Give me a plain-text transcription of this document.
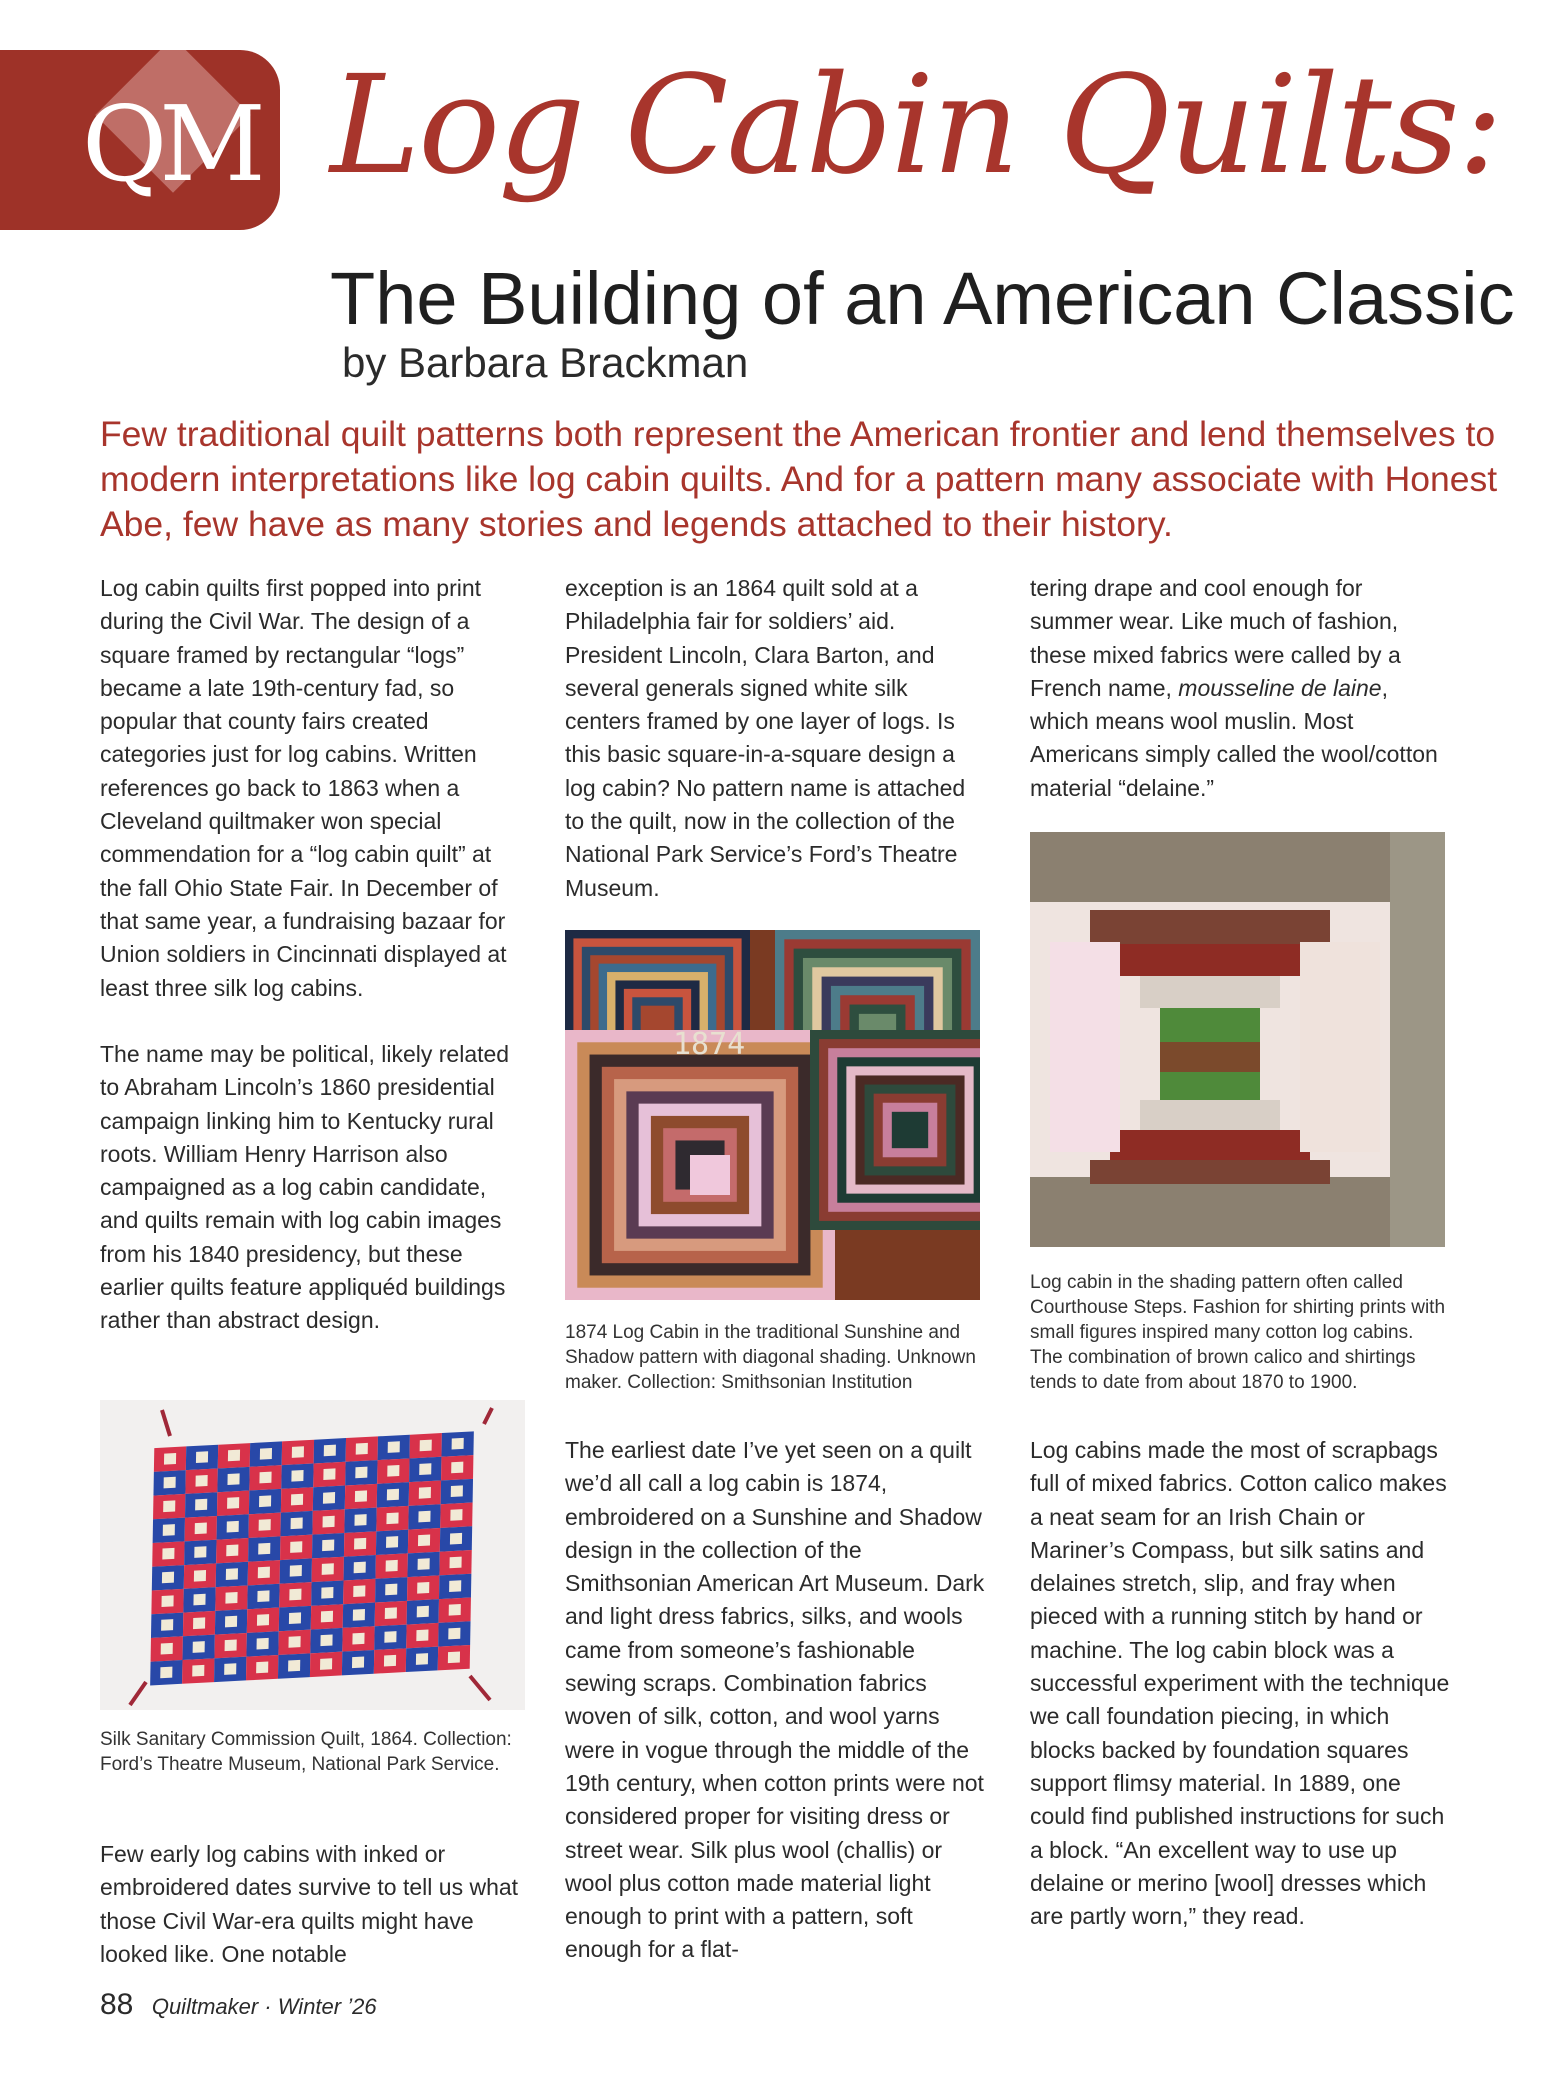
QM Log Cabin Quilts:
The Building of an American Classic
by Barbara Brackman
Few traditional quilt patterns both represent the American frontier and lend themselves to modern interpretations like log cabin quilts. And for a pattern many associate with Honest Abe, few have as many stories and legends attached to their history.

Log cabin quilts first popped into print during the Civil War. The design of a square framed by rectangular “logs” became a late 19th-century fad, so popular that county fairs created categories just for log cabins. Written references go back to 1863 when a Cleveland quiltmaker won special commendation for a “log cabin quilt” at the fall Ohio State Fair. In December of that same year, a fundraising bazaar for Union soldiers in Cincinnati displayed at least three silk log cabins.

The name may be political, likely related to Abraham Lincoln’s 1860 presidential campaign linking him to Kentucky rural roots. William Henry Harrison also campaigned as a log cabin candidate, and quilts remain with log cabin images from his 1840 presidency, but these earlier quilts feature appliquéd buildings rather than abstract design.

Silk Sanitary Commission Quilt, 1864. Collection: Ford’s Theatre Museum, National Park Service.

Few early log cabins with inked or embroidered dates survive to tell us what those Civil War-era quilts might have looked like. One notable

exception is an 1864 quilt sold at a Philadelphia fair for soldiers’ aid. President Lincoln, Clara Barton, and several generals signed white silk centers framed by one layer of logs. Is this basic square-in-a-square design a log cabin? No pattern name is attached to the quilt, now in the collection of the National Park Service’s Ford’s Theatre Museum.

1874

1874 Log Cabin in the traditional Sunshine and Shadow pattern with diagonal shading. Unknown maker. Collection: Smithsonian Institution

The earliest date I’ve yet seen on a quilt we’d all call a log cabin is 1874, embroidered on a Sunshine and Shadow design in the collection of the Smithsonian American Art Museum. Dark and light dress fabrics, silks, and wools came from someone’s fashionable sewing scraps. Combination fabrics woven of silk, cotton, and wool yarns were in vogue through the middle of the 19th century, when cotton prints were not considered proper for visiting dress or street wear. Silk plus wool (challis) or wool plus cotton made material light enough to print with a pattern, soft enough for a flat-

tering drape and cool enough for summer wear. Like much of fashion, these mixed fabrics were called by a French name, mousseline de laine, which means wool muslin. Most Americans simply called the wool/cotton material “delaine.”

Log cabin in the shading pattern often called Courthouse Steps. Fashion for shirting prints with small figures inspired many cotton log cabins. The combination of brown calico and shirtings tends to date from about 1870 to 1900.

Log cabins made the most of scrapbags full of mixed fabrics. Cotton calico makes a neat seam for an Irish Chain or Mariner’s Compass, but silk satins and delaines stretch, slip, and fray when pieced with a running stitch by hand or machine. The log cabin block was a successful experiment with the technique we call foundation piecing, in which blocks backed by foundation squares support flimsy material. In 1889, one could find published instructions for such a block. “An excellent way to use up delaine or merino [wool] dresses which are partly worn,” they read.

88 Quiltmaker · Winter ’26
